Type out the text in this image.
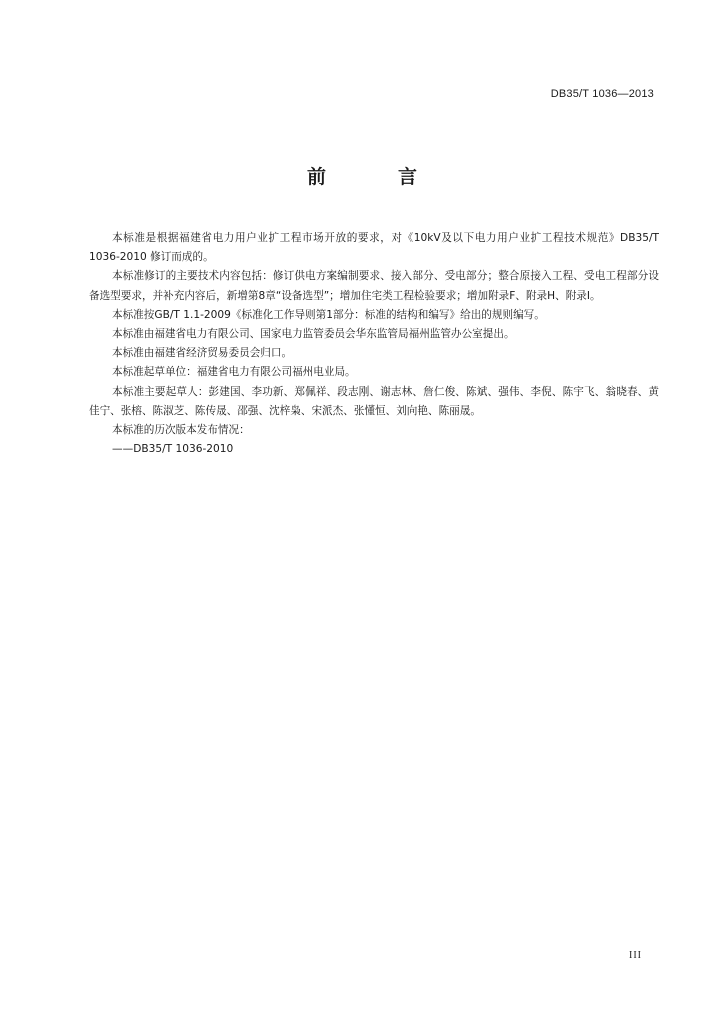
DB35/T 1036—2013
前	言

本标准是根据福建省电力用户业扩工程市场开放的要求，对《10kV及以下电力用户业扩工程技术规范》DB35/T 1036-2010 修订而成的。

本标准修订的主要技术内容包括：修订供电方案编制要求、接入部分、受电部分；整合原接入工程、受电工程部分设备选型要求，并补充内容后，新增第8章“设备选型”；增加住宅类工程检验要求；增加附录F、附录H、附录I。

本标准按GB/T 1.1-2009《标准化工作导则第1部分：标准的结构和编写》给出的规则编写。

本标准由福建省电力有限公司、国家电力监管委员会华东监管局福州监管办公室提出。

本标准由福建省经济贸易委员会归口。

本标准起草单位：福建省电力有限公司福州电业局。

本标准主要起草人：彭建国、李功新、郑佩祥、段志刚、谢志林、詹仁俊、陈斌、强伟、李倪、陈宇飞、翁晓春、黄佳宁、张榕、陈淑芝、陈传晟、邵强、沈梓枭、宋派杰、张懂恒、刘向艳、陈丽晟。

本标准的历次版本发布情况：

——DB35/T 1036-2010

III
